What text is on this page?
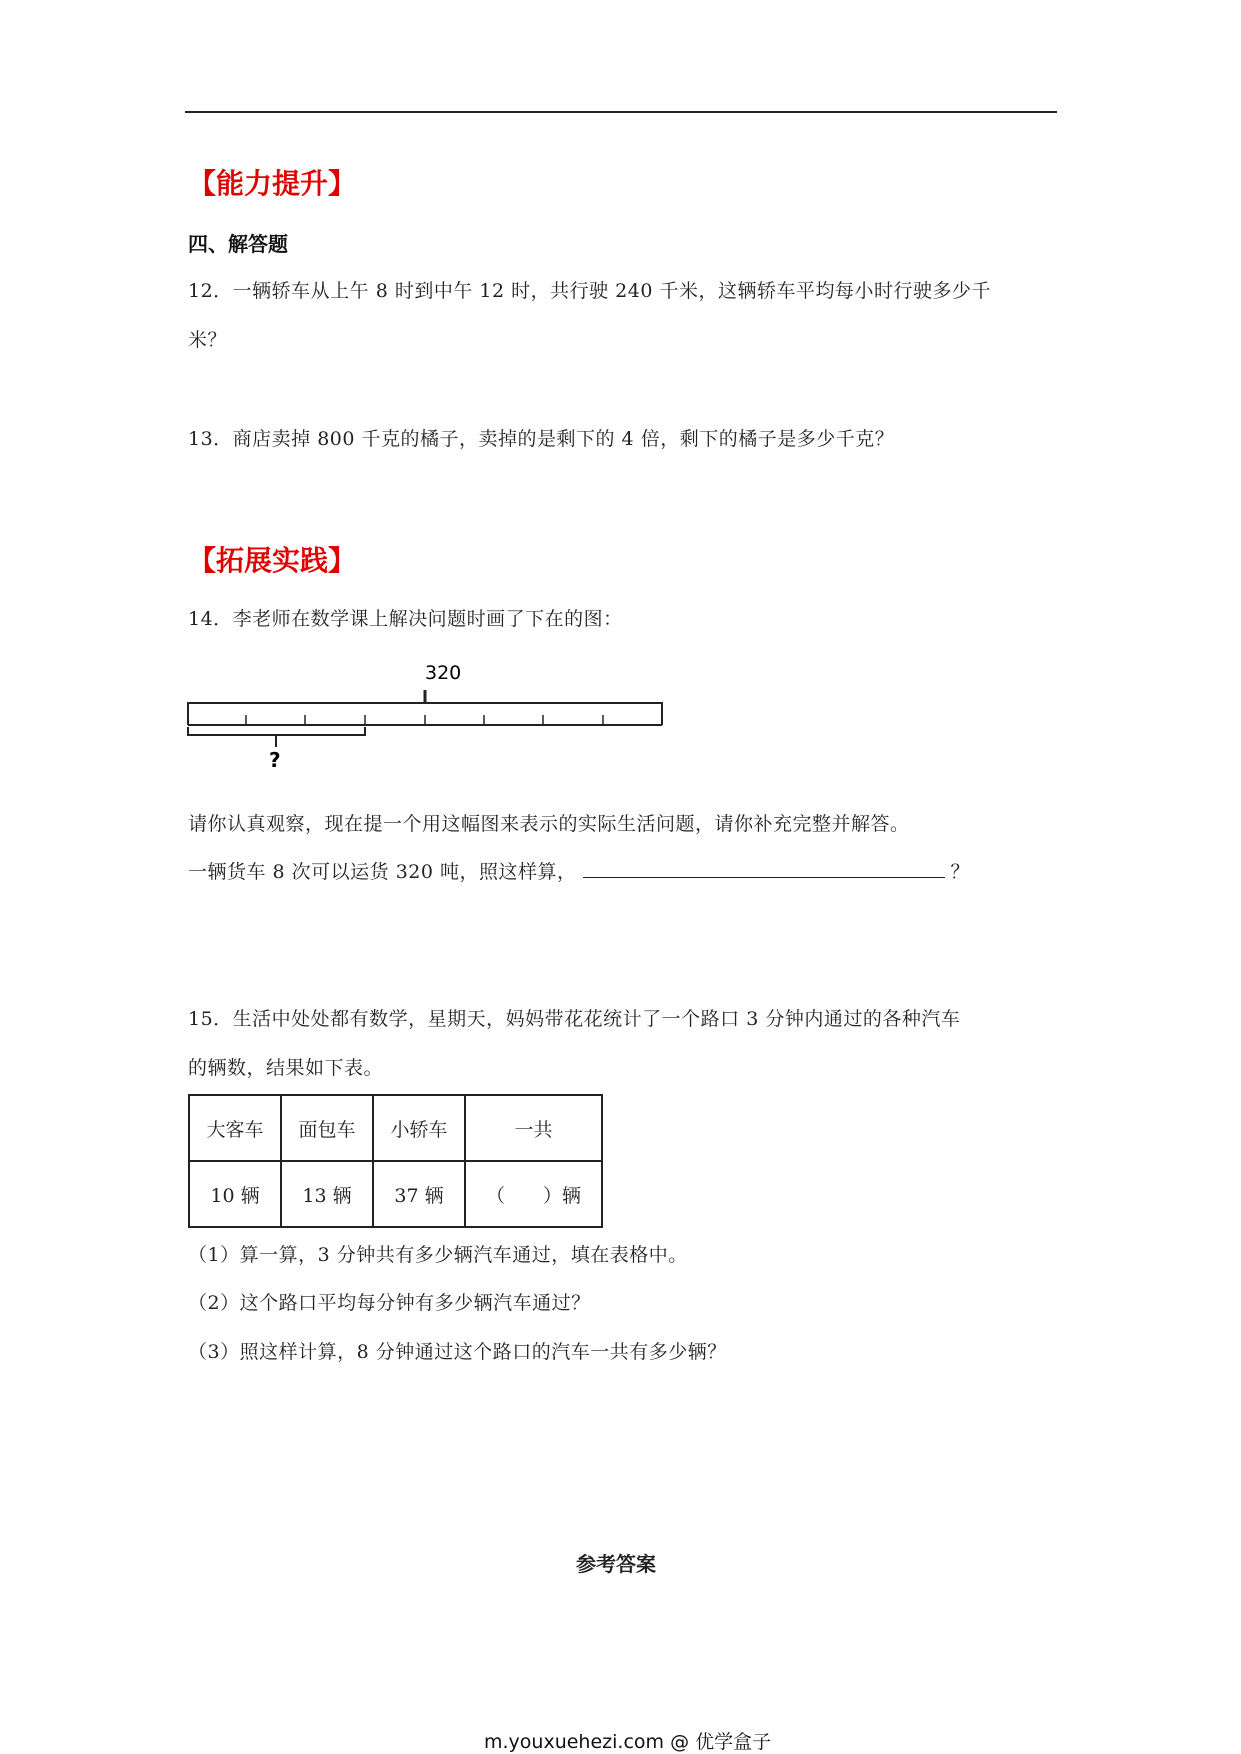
【能力提升】
四、解答题
12．一辆轿车从上午 8 时到中午 12 时，共行驶 240 千米，这辆轿车平均每小时行驶多少千
米？
13．商店卖掉 800 千克的橘子，卖掉的是剩下的 4 倍，剩下的橘子是多少千克？
【拓展实践】
14．李老师在数学课上解决问题时画了下在的图：
320
?
请你认真观察，现在提一个用这幅图来表示的实际生活问题，请你补充完整并解答。
一辆货车 8 次可以运货 320 吨，照这样算，	？
15．生活中处处都有数学，星期天，妈妈带花花统计了一个路口 3 分钟内通过的各种汽车
的辆数，结果如下表。
大客车	面包车	小轿车	一共
10 辆	13 辆	37 辆	（　　）辆
（1）算一算，3 分钟共有多少辆汽车通过，填在表格中。
（2）这个路口平均每分钟有多少辆汽车通过？
（3）照这样计算，8 分钟通过这个路口的汽车一共有多少辆？
参考答案
m.youxuehezi.com @ 优学盒子
